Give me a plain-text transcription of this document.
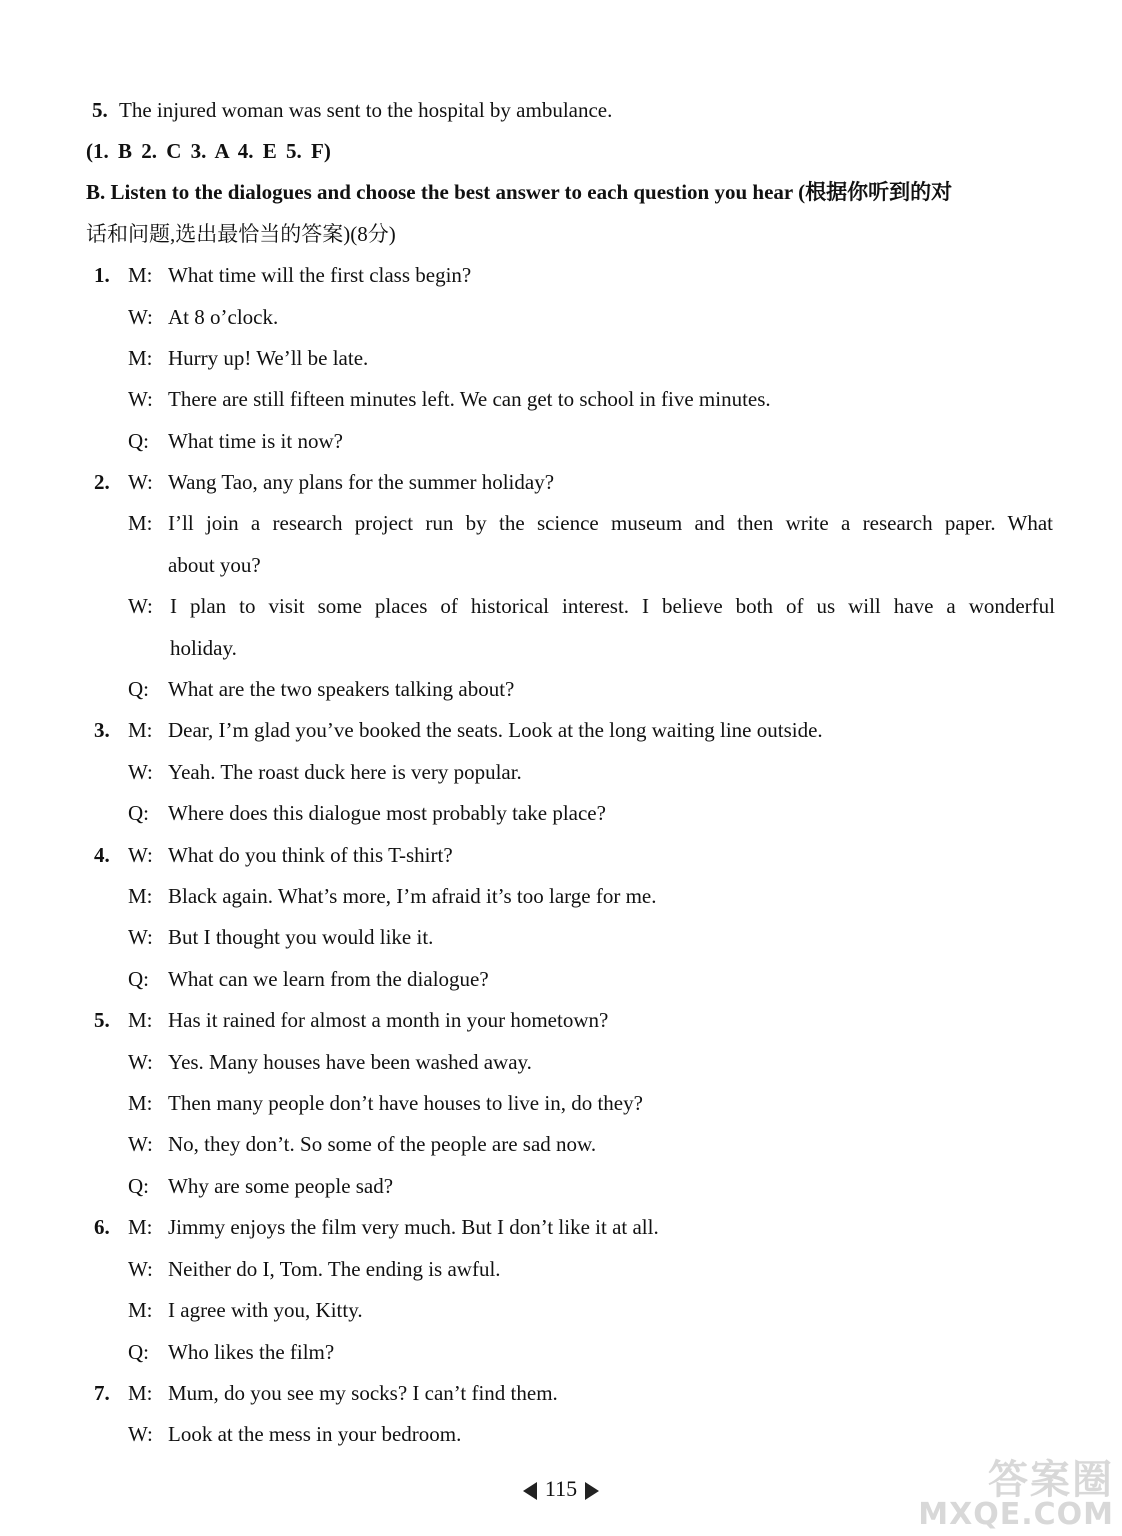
5. The injured woman was sent to the hospital by ambulance.
(1. B 2. C 3. A 4. E 5. F)
B. Listen to the dialogues and choose the best answer to each question you hear (根据你听到的对
话和问题,选出最恰当的答案)(8分)
1. M: What time will the first class begin?
W: At 8 o’clock.
M: Hurry up! We’ll be late.
W: There are still fifteen minutes left. We can get to school in five minutes.
Q: What time is it now?
2. W: Wang Tao, any plans for the summer holiday?
M: I’ll join a research project run by the science museum and then write a research paper. What
about you?
W: I plan to visit some places of historical interest. I believe both of us will have a wonderful
holiday.
Q: What are the two speakers talking about?
3. M: Dear, I’m glad you’ve booked the seats. Look at the long waiting line outside.
W: Yeah. The roast duck here is very popular.
Q: Where does this dialogue most probably take place?
4. W: What do you think of this T-shirt?
M: Black again. What’s more, I’m afraid it’s too large for me.
W: But I thought you would like it.
Q: What can we learn from the dialogue?
5. M: Has it rained for almost a month in your hometown?
W: Yes. Many houses have been washed away.
M: Then many people don’t have houses to live in, do they?
W: No, they don’t. So some of the people are sad now.
Q: Why are some people sad?
6. M: Jimmy enjoys the film very much. But I don’t like it at all.
W: Neither do I, Tom. The ending is awful.
M: I agree with you, Kitty.
Q: Who likes the film?
7. M: Mum, do you see my socks? I can’t find them.
W: Look at the mess in your bedroom.
115	答案圈
MXQE.COM
